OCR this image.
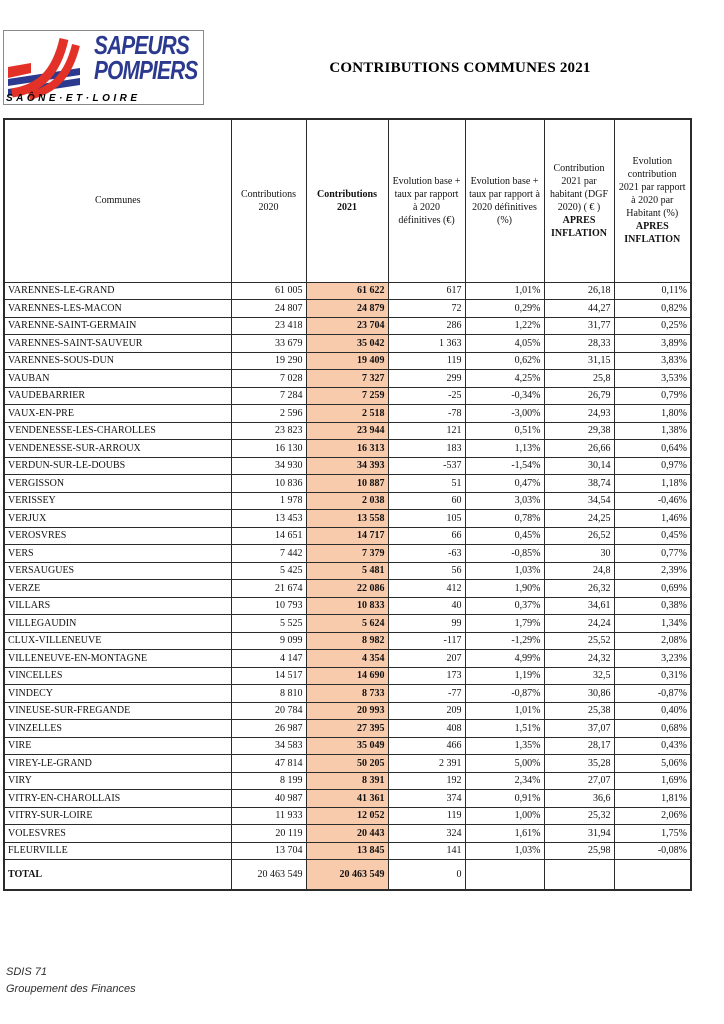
SAPEURS
POMPIERS
SAÔNE·ET·LOIRE
CONTRIBUTIONS COMMUNES 2021
Communes	Contributions 2020	Contributions 2021	Evolution base + taux par rapport à 2020 définitives (€)	Evolution base + taux par rapport à 2020 définitives (%)	Contribution 2021 par habitant (DGF 2020) ( € ) APRES INFLATION	Evolution contribution 2021 par rapport à 2020 par Habitant (%) APRES INFLATION
VARENNES-LE-GRAND	61 005	61 622	617	1,01%	26,18	0,11%
VARENNES-LES-MACON	24 807	24 879	72	0,29%	44,27	0,82%
VARENNE-SAINT-GERMAIN	23 418	23 704	286	1,22%	31,77	0,25%
VARENNES-SAINT-SAUVEUR	33 679	35 042	1 363	4,05%	28,33	3,89%
VARENNES-SOUS-DUN	19 290	19 409	119	0,62%	31,15	3,83%
VAUBAN	7 028	7 327	299	4,25%	25,8	3,53%
VAUDEBARRIER	7 284	7 259	-25	-0,34%	26,79	0,79%
VAUX-EN-PRE	2 596	2 518	-78	-3,00%	24,93	1,80%
VENDENESSE-LES-CHAROLLES	23 823	23 944	121	0,51%	29,38	1,38%
VENDENESSE-SUR-ARROUX	16 130	16 313	183	1,13%	26,66	0,64%
VERDUN-SUR-LE-DOUBS	34 930	34 393	-537	-1,54%	30,14	0,97%
VERGISSON	10 836	10 887	51	0,47%	38,74	1,18%
VERISSEY	1 978	2 038	60	3,03%	34,54	-0,46%
VERJUX	13 453	13 558	105	0,78%	24,25	1,46%
VEROSVRES	14 651	14 717	66	0,45%	26,52	0,45%
VERS	7 442	7 379	-63	-0,85%	30	0,77%
VERSAUGUES	5 425	5 481	56	1,03%	24,8	2,39%
VERZE	21 674	22 086	412	1,90%	26,32	0,69%
VILLARS	10 793	10 833	40	0,37%	34,61	0,38%
VILLEGAUDIN	5 525	5 624	99	1,79%	24,24	1,34%
CLUX-VILLENEUVE	9 099	8 982	-117	-1,29%	25,52	2,08%
VILLENEUVE-EN-MONTAGNE	4 147	4 354	207	4,99%	24,32	3,23%
VINCELLES	14 517	14 690	173	1,19%	32,5	0,31%
VINDECY	8 810	8 733	-77	-0,87%	30,86	-0,87%
VINEUSE-SUR-FREGANDE	20 784	20 993	209	1,01%	25,38	0,40%
VINZELLES	26 987	27 395	408	1,51%	37,07	0,68%
VIRE	34 583	35 049	466	1,35%	28,17	0,43%
VIREY-LE-GRAND	47 814	50 205	2 391	5,00%	35,28	5,06%
VIRY	8 199	8 391	192	2,34%	27,07	1,69%
VITRY-EN-CHAROLLAIS	40 987	41 361	374	0,91%	36,6	1,81%
VITRY-SUR-LOIRE	11 933	12 052	119	1,00%	25,32	2,06%
VOLESVRES	20 119	20 443	324	1,61%	31,94	1,75%
FLEURVILLE	13 704	13 845	141	1,03%	25,98	-0,08%
TOTAL	20 463 549	20 463 549	0			
SDIS 71
Groupement des Finances
